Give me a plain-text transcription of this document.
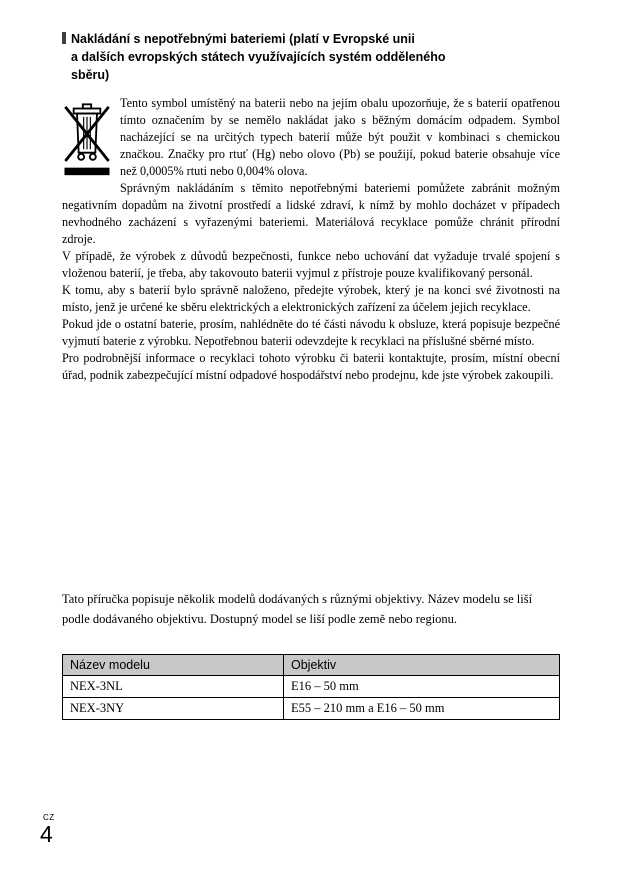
Nakládání s nepotřebnými bateriemi (platí v Evropské unii
a dalších evropských státech využívajících systém odděleného
sběru)
Tento symbol umístěný na baterii nebo na jejím obalu upozorňuje, že s baterií opatřenou tímto označením by se nemělo nakládat jako s běžným domácím odpadem. Symbol nacházející se na určitých typech baterií může být použit v kombinaci s chemickou značkou. Značky pro rtuť (Hg) nebo olovo (Pb) se použijí, pokud baterie obsahuje více než 0,0005% rtuti nebo 0,004% olova.
Správným nakládáním s těmito nepotřebnými bateriemi pomůžete zabránit možným negativním dopadům na životní prostředí a lidské zdraví, k nímž by mohlo docházet v případech nevhodného zacházení s vyřazenými bateriemi. Materiálová recyklace pomůže chránit přírodní zdroje.
V případě, že výrobek z důvodů bezpečnosti, funkce nebo uchování dat vyžaduje trvalé spojení s vloženou baterií, je třeba, aby takovouto baterii vyjmul z přístroje pouze kvalifikovaný personál.
K tomu, aby s baterií bylo správně naloženo, předejte výrobek, který je na konci své životnosti na místo, jenž je určené ke sběru elektrických a elektronických zařízení za účelem jejich recyklace.
Pokud jde o ostatní baterie, prosím, nahlédněte do té části návodu k obsluze, která popisuje bezpečné vyjmutí baterie z výrobku. Nepotřebnou baterii odevzdejte k recyklaci na příslušné sběrné místo.
Pro podrobnější informace o recyklaci tohoto výrobku či baterii kontaktujte, prosím, místní obecní úřad, podnik zabezpečující místní odpadové hospodářství nebo prodejnu, kde jste výrobek zakoupili.
Tato příručka popisuje několik modelů dodávaných s různými objektivy. Název modelu se liší podle dodávaného objektivu. Dostupný model se liší podle země nebo regionu.
Název modelu	Objektiv
NEX-3NL	E16 – 50 mm
NEX-3NY	E55 – 210 mm a E16 – 50 mm
CZ
4
